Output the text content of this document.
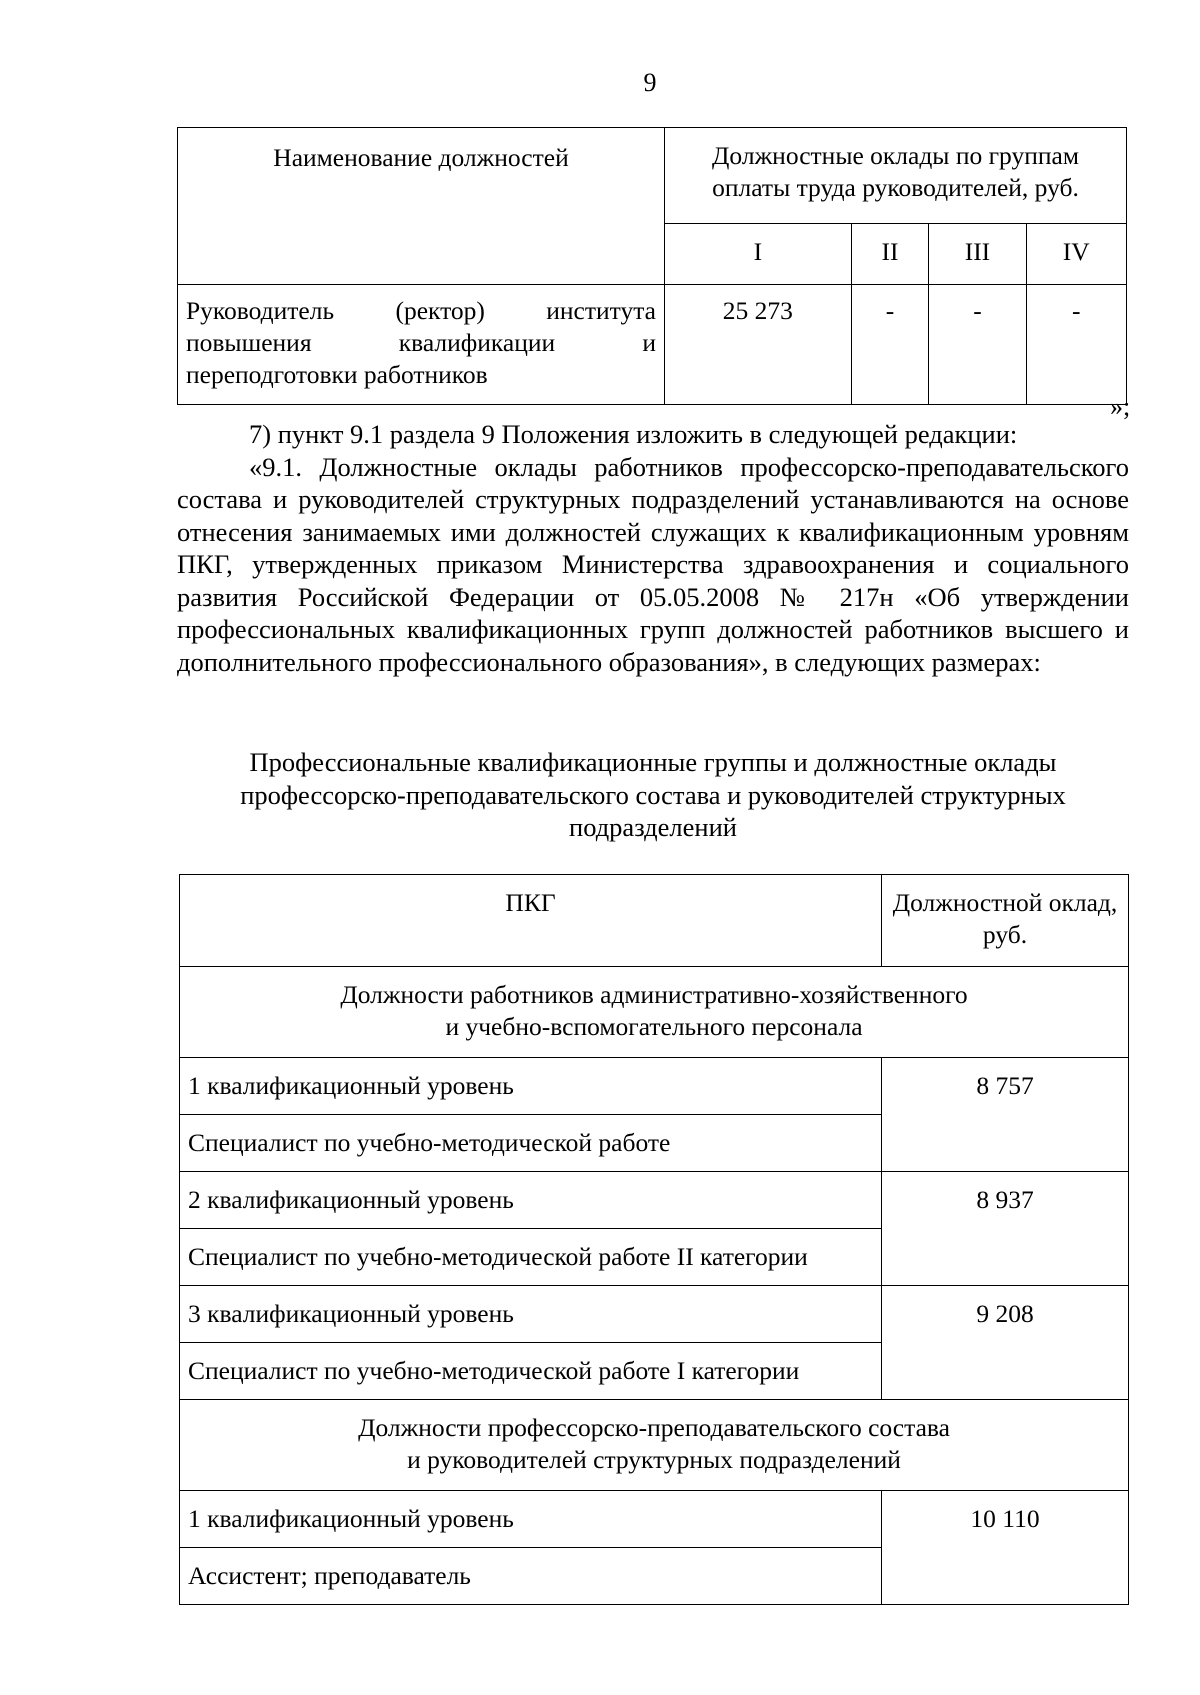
9
Наименование должностей	Должностные оклады по группам оплаты труда руководителей, руб.			
	I	II	III	IV
Руководитель (ректор) института повышения квалификации и переподготовки работников	25 273	-	-	-
»;

7) пункт 9.1 раздела 9 Положения изложить в следующей редакции:

«9.1. Должностные оклады работников профессорско-преподавательского состава и руководителей структурных подразделений устанавливаются на основе отнесения занимаемых ими должностей служащих к квалификационным уровням ПКГ, утвержденных приказом Министерства здравоохранения и социального развития Российской Федерации от 05.05.2008 № 217н «Об утверждении профессиональных квалификационных групп должностей работников высшего и дополнительного профессионального образования», в следующих размерах:

Профессиональные квалификационные группы и должностные оклады профессорско-преподавательского состава и руководителей структурных подразделений
ПКГ	Должностной оклад, руб.

Должности работников административно-хозяйственного
и учебно-вспомогательного персонала	

1 квалификационный уровень	8 757
Специалист по учебно-методической работе	
2 квалификационный уровень	8 937
Специалист по учебно-методической работе II категории	
3 квалификационный уровень	9 208
Специалист по учебно-методической работе I категории	

Должности профессорско-преподавательского состава
и руководителей структурных подразделений	

1 квалификационный уровень	10 110
Ассистент; преподаватель	
